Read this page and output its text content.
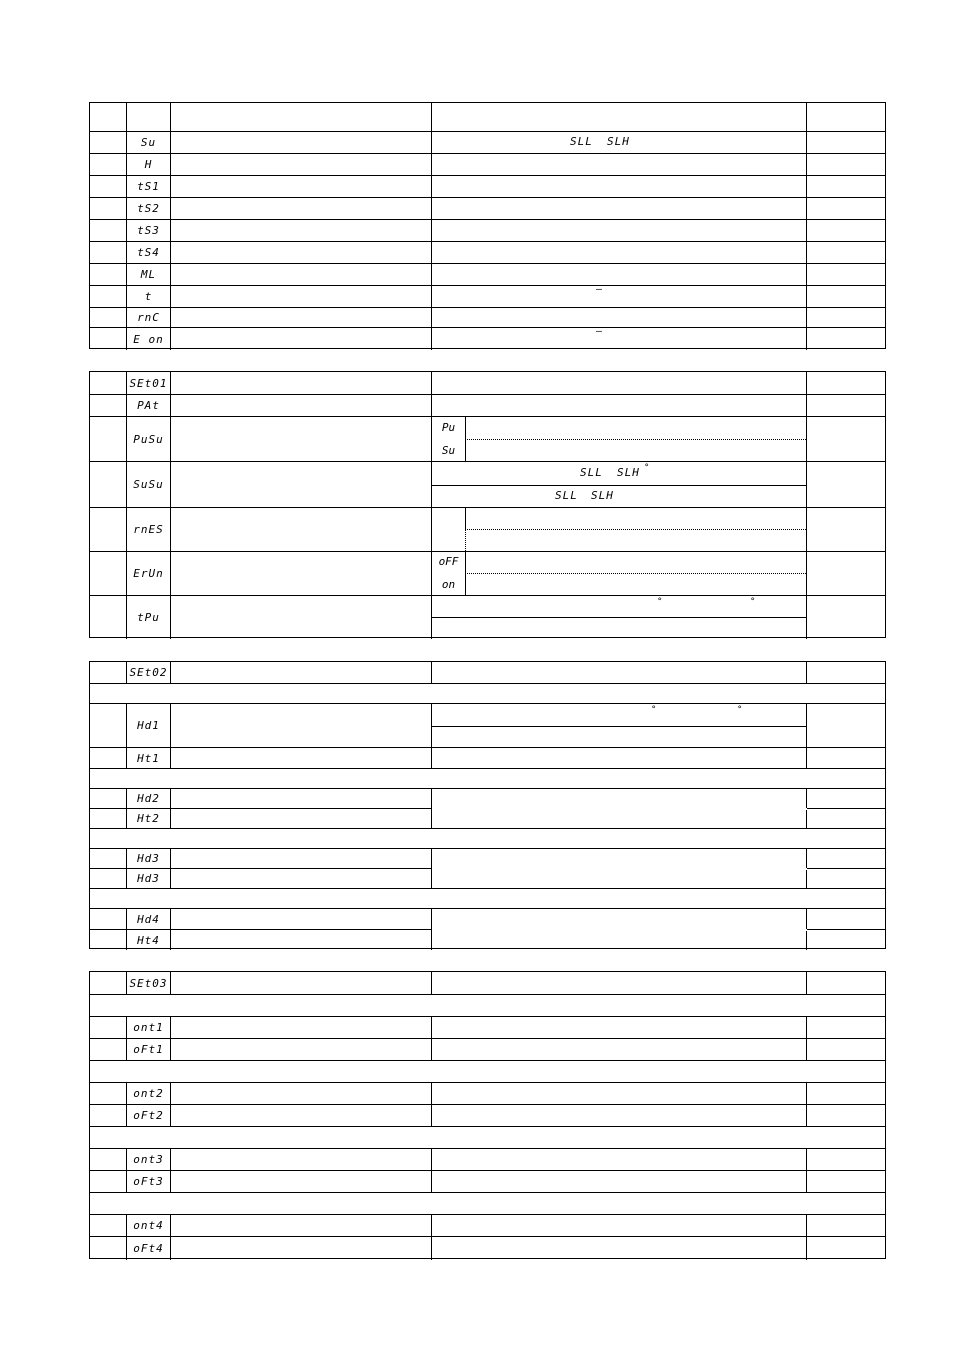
Su	SLL SLH
H
tS1
tS2
tS3
tS4
ML
t
–
rnC
E on
–
SEt01
PAt
PuSu
Pu
Su
SuSu
SLL SLH °
SLL SLH
rnES
ErUn
oFF
on
tPu
°	°
SEt02
Hd1
°	°
Ht1
Hd2
Ht2
Hd3
Hd3
Hd4
Ht4
SEt03
ont1
oFt1
ont2
oFt2
ont3
oFt3
ont4
oFt4
